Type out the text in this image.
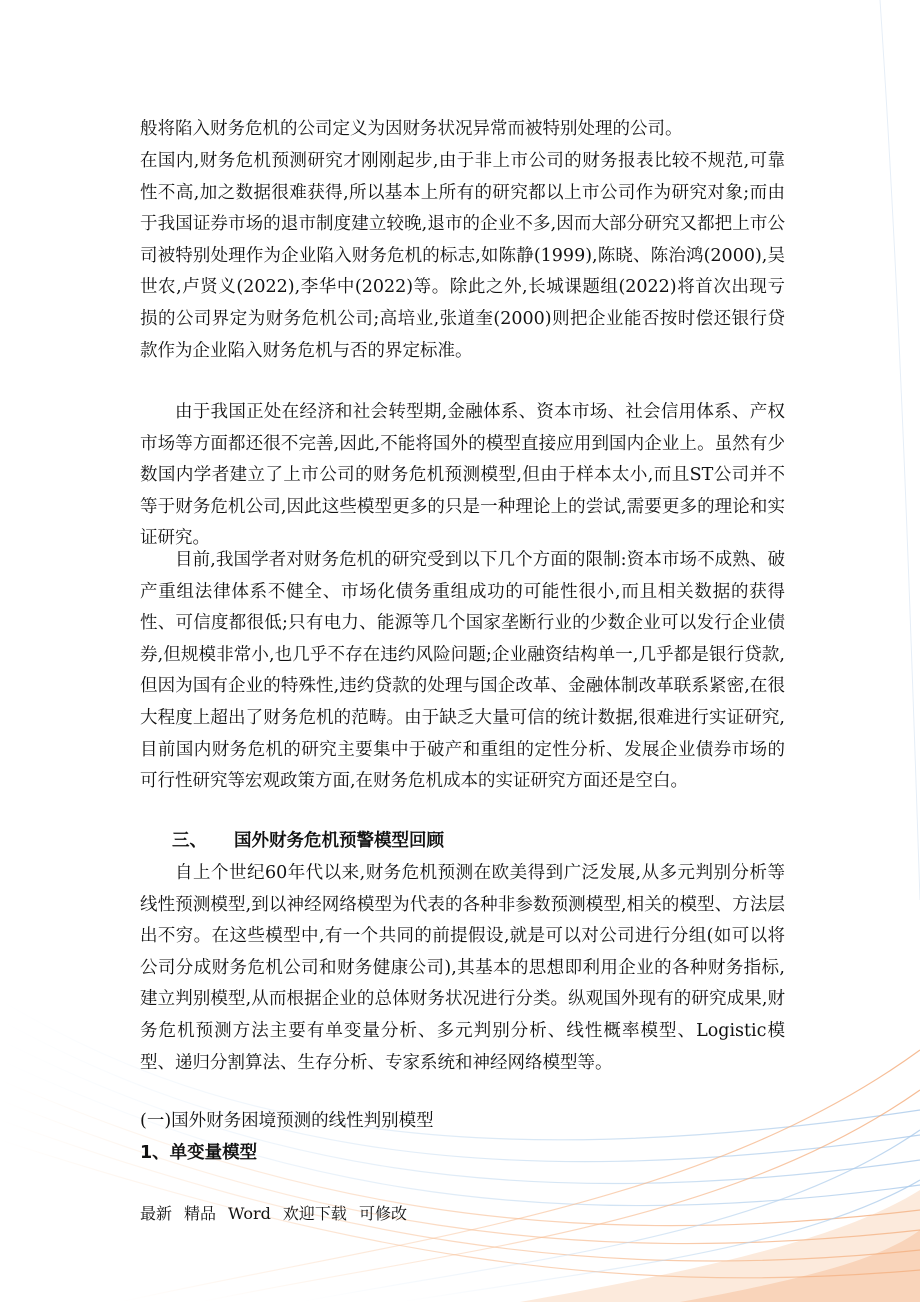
般将陷入财务危机的公司定义为因财务状况异常而被特别处理的公司。

在国内,财务危机预测研究才刚刚起步,由于非上市公司的财务报表比较不规范,可靠性不高,加之数据很难获得,所以基本上所有的研究都以上市公司作为研究对象;而由于我国证券市场的退市制度建立较晚,退市的企业不多,因而大部分研究又都把上市公司被特别处理作为企业陷入财务危机的标志,如陈静(1999),陈晓、陈治鸿(2000),吴世农,卢贤义(2022),李华中(2022)等。除此之外,长城课题组(2022)将首次出现亏损的公司界定为财务危机公司;高培业,张道奎(2000)则把企业能否按时偿还银行贷款作为企业陷入财务危机与否的界定标准。

由于我国正处在经济和社会转型期,金融体系、资本市场、社会信用体系、产权市场等方面都还很不完善,因此,不能将国外的模型直接应用到国内企业上。虽然有少数国内学者建立了上市公司的财务危机预测模型,但由于样本太小,而且ST公司并不等于财务危机公司,因此这些模型更多的只是一种理论上的尝试,需要更多的理论和实证研究。

目前,我国学者对财务危机的研究受到以下几个方面的限制:资本市场不成熟、破产重组法律体系不健全、市场化债务重组成功的可能性很小,而且相关数据的获得性、可信度都很低;只有电力、能源等几个国家垄断行业的少数企业可以发行企业债券,但规模非常小,也几乎不存在违约风险问题;企业融资结构单一,几乎都是银行贷款,但因为国有企业的特殊性,违约贷款的处理与国企改革、金融体制改革联系紧密,在很大程度上超出了财务危机的范畴。由于缺乏大量可信的统计数据,很难进行实证研究,目前国内财务危机的研究主要集中于破产和重组的定性分析、发展企业债券市场的可行性研究等宏观政策方面,在财务危机成本的实证研究方面还是空白。

三、 国外财务危机预警模型回顾

自上个世纪60年代以来,财务危机预测在欧美得到广泛发展,从多元判别分析等线性预测模型,到以神经网络模型为代表的各种非参数预测模型,相关的模型、方法层出不穷。在这些模型中,有一个共同的前提假设,就是可以对公司进行分组(如可以将公司分成财务危机公司和财务健康公司),其基本的思想即利用企业的各种财务指标,建立判别模型,从而根据企业的总体财务状况进行分类。纵观国外现有的研究成果,财务危机预测方法主要有单变量分析、多元判别分析、线性概率模型、Logistic模型、递归分割算法、生存分析、专家系统和神经网络模型等。

(一)国外财务困境预测的线性判别模型
1、单变量模型
最新 精品 Word 欢迎下载 可修改
